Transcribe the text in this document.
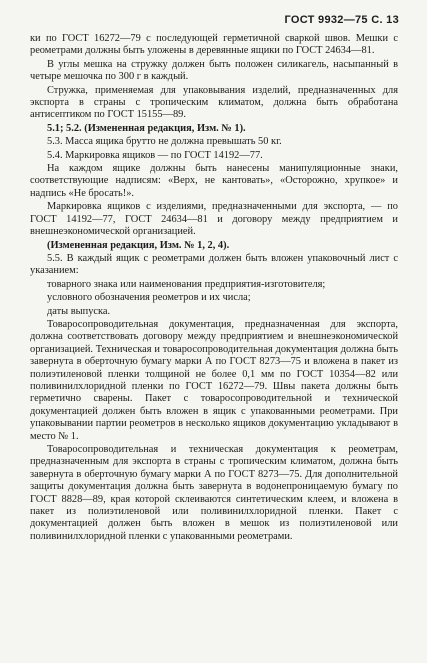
ГОСТ 9932—75 С. 13

ки по ГОСТ 16272—79 с последующей герметичной сваркой швов. Мешки с реометрами должны быть уложены в деревянные ящики по ГОСТ 24634—81.

В углы мешка на стружку должен быть положен силикагель, насыпанный в четыре мешочка по 300 г в каждый.

Стружка, применяемая для упаковывания изделий, предназначенных для экспорта в страны с тропическим климатом, должна быть обработана антисептиком по ГОСТ 15155—89.

5.1; 5.2. (Измененная редакция, Изм. № 1).

5.3. Масса ящика брутто не должна превышать 50 кг.

5.4. Маркировка ящиков — по ГОСТ 14192—77.

На каждом ящике должны быть нанесены манипуляционные знаки, соответствующие надписям: «Верх, не кантовать», «Осторожно, хрупкое» и надпись «Не бросать!».

Маркировка ящиков с изделиями, предназначенными для экспорта, — по ГОСТ 14192—77, ГОСТ 24634—81 и договору между предприятием и внешнеэкономической организацией.

(Измененная редакция, Изм. № 1, 2, 4).

5.5. В каждый ящик с реометрами должен быть вложен упаковочный лист с указанием:

товарного знака или наименования предприятия-изготовителя;

условного обозначения реометров и их числа;

даты выпуска.

Товаросопроводительная документация, предназначенная для экспорта, должна соответствовать договору между предприятием и внешнеэкономической организацией. Техническая и товаросопроводительная документация должна быть завернута в оберточную бумагу марки А по ГОСТ 8273—75 и вложена в пакет из полиэтиленовой пленки толщиной не более 0,1 мм по ГОСТ 10354—82 или поливинилхлоридной пленки по ГОСТ 16272—79. Швы пакета должны быть герметично сварены. Пакет с товаросопроводительной и технической документацией должен быть вложен в ящик с упакованными реометрами. При упаковывании партии реометров в несколько ящиков документацию укладывают в место № 1.

Товаросопроводительная и техническая документация к реометрам, предназначенным для экспорта в страны с тропическим климатом, должна быть завернута в оберточную бумагу марки А по ГОСТ 8273—75. Для дополнительной защиты документация должна быть завернута в водонепроницаемую бумагу по ГОСТ 8828—89, края которой склеиваются синтетическим клеем, и вложена в пакет из полиэтиленовой или поливинилхлоридной пленки. Пакет с документацией должен быть вложен в мешок из полиэтиленовой или поливинилхлоридной пленки с упакованными реометрами.
